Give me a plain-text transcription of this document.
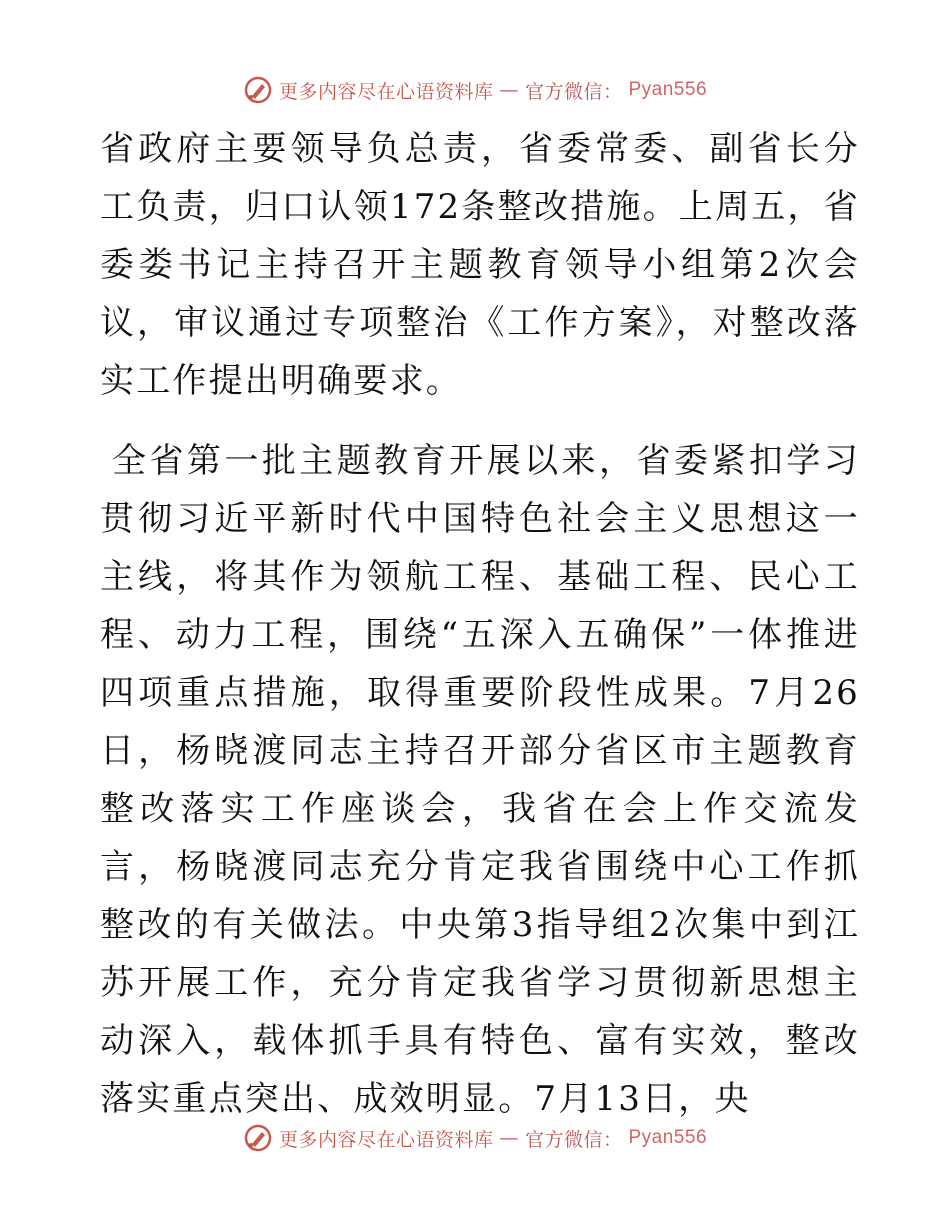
更多内容尽在心语资料库 — 官方微信： Pyan556

省政府主要领导负总责，省委常委、副省长分工负责，归口认领172条整改措施。上周五，省委娄书记主持召开主题教育领导小组第2次会议，审议通过专项整治《工作方案》，对整改落实工作提出明确要求。

全省第一批主题教育开展以来，省委紧扣学习贯彻习近平新时代中国特色社会主义思想这一主线，将其作为领航工程、基础工程、民心工程、动力工程，围绕“五深入五确保”一体推进四项重点措施，取得重要阶段性成果。7月26日，杨晓渡同志主持召开部分省区市主题教育整改落实工作座谈会，我省在会上作交流发言，杨晓渡同志充分肯定我省围绕中心工作抓整改的有关做法。中央第3指导组2次集中到江苏开展工作，充分肯定我省学习贯彻新思想主动深入，载体抓手具有特色、富有实效，整改落实重点突出、成效明显。7月13日，央

更多内容尽在心语资料库 — 官方微信： Pyan556
